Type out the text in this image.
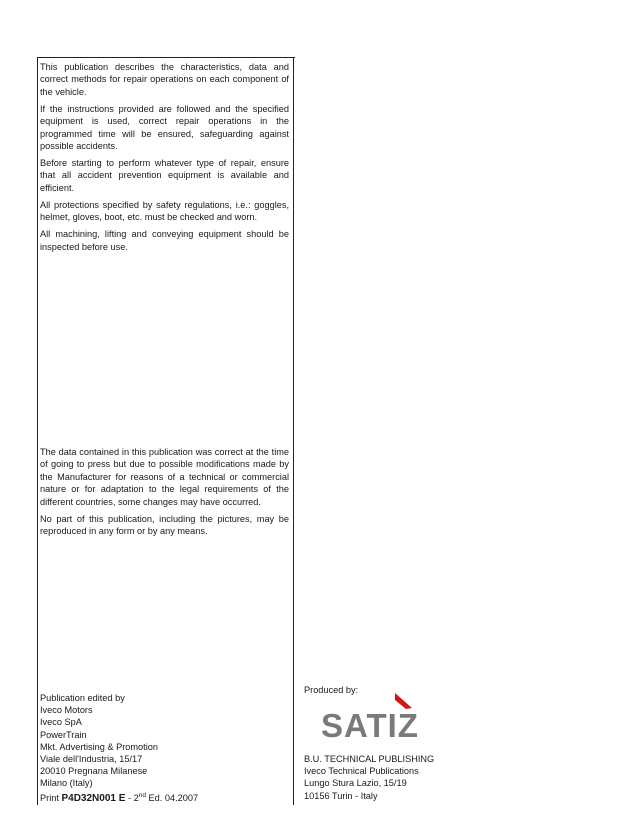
This publication describes the characteristics, data and correct methods for repair operations on each component of the vehicle.

If the instructions provided are followed and the specified equipment is used, correct repair operations in the programmed time will be ensured, safeguarding against possible accidents.

Before starting to perform whatever type of repair, ensure that all accident prevention equipment is available and efficient.

All protections specified by safety regulations, i.e.: goggles, helmet, gloves, boot, etc. must be checked and worn.

All machining, lifting and conveying equipment should be inspected before use.

The data contained in this publication was correct at the time of going to press but due to possible modifications made by the Manufacturer for reasons of a technical or commercial nature or for adaptation to the legal requirements of the different countries, some changes may have occurred.

No part of this publication, including the pictures, may be reproduced in any form or by any means.

Publication edited by
Iveco Motors
Iveco SpA
PowerTrain
Mkt. Advertising & Promotion
Viale dell'Industria, 15/17
20010 Pregnana Milanese
Milano (Italy)
Print P4D32N001 E - 2nd Ed. 04.2007
Produced by:
SATIZ
B.U. TECHNICAL PUBLISHING
Iveco Technical Publications
Lungo Stura Lazio, 15/19
10156 Turin - Italy
